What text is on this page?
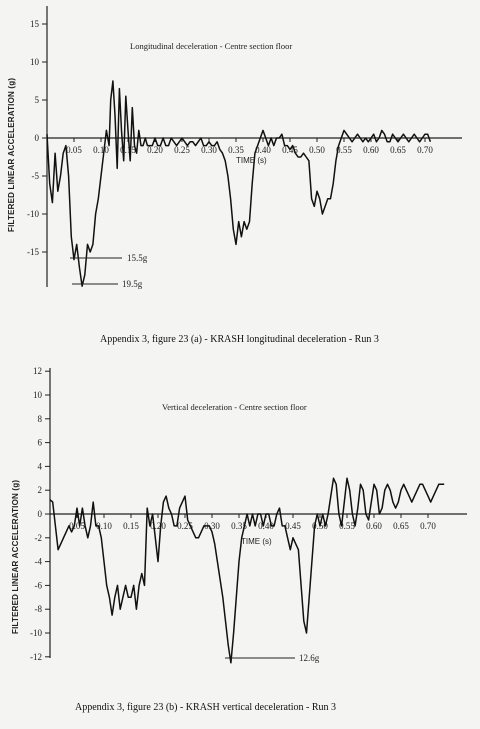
FILTERED LINEAR ACCELERATION (g)
15
10
5
0
-5
-10
-15
0.05 0.10 0.15 0.20 0.25 0.30 0.35 0.40 0.45 0.50 0.55 0.60 0.65 0.70
TIME (s)
Longitudinal deceleration - Centre section floor
15.5g
19.5g
Appendix 3, figure 23 (a) - KRASH longitudinal deceleration - Run 3
FILTERED LINEAR ACCELERATION (g)
12
10
8
6
4
2
0
-2
-4
-6
-8
-10
-12
0.05 0.10 0.15 0.20 0.25 0.30 0.35 0.40 0.45 0.50 0.55 0.60 0.65 0.70
TIME (s)
Vertical deceleration - Centre section floor
12.6g
Appendix 3, figure 23 (b) - KRASH vertical deceleration - Run 3
